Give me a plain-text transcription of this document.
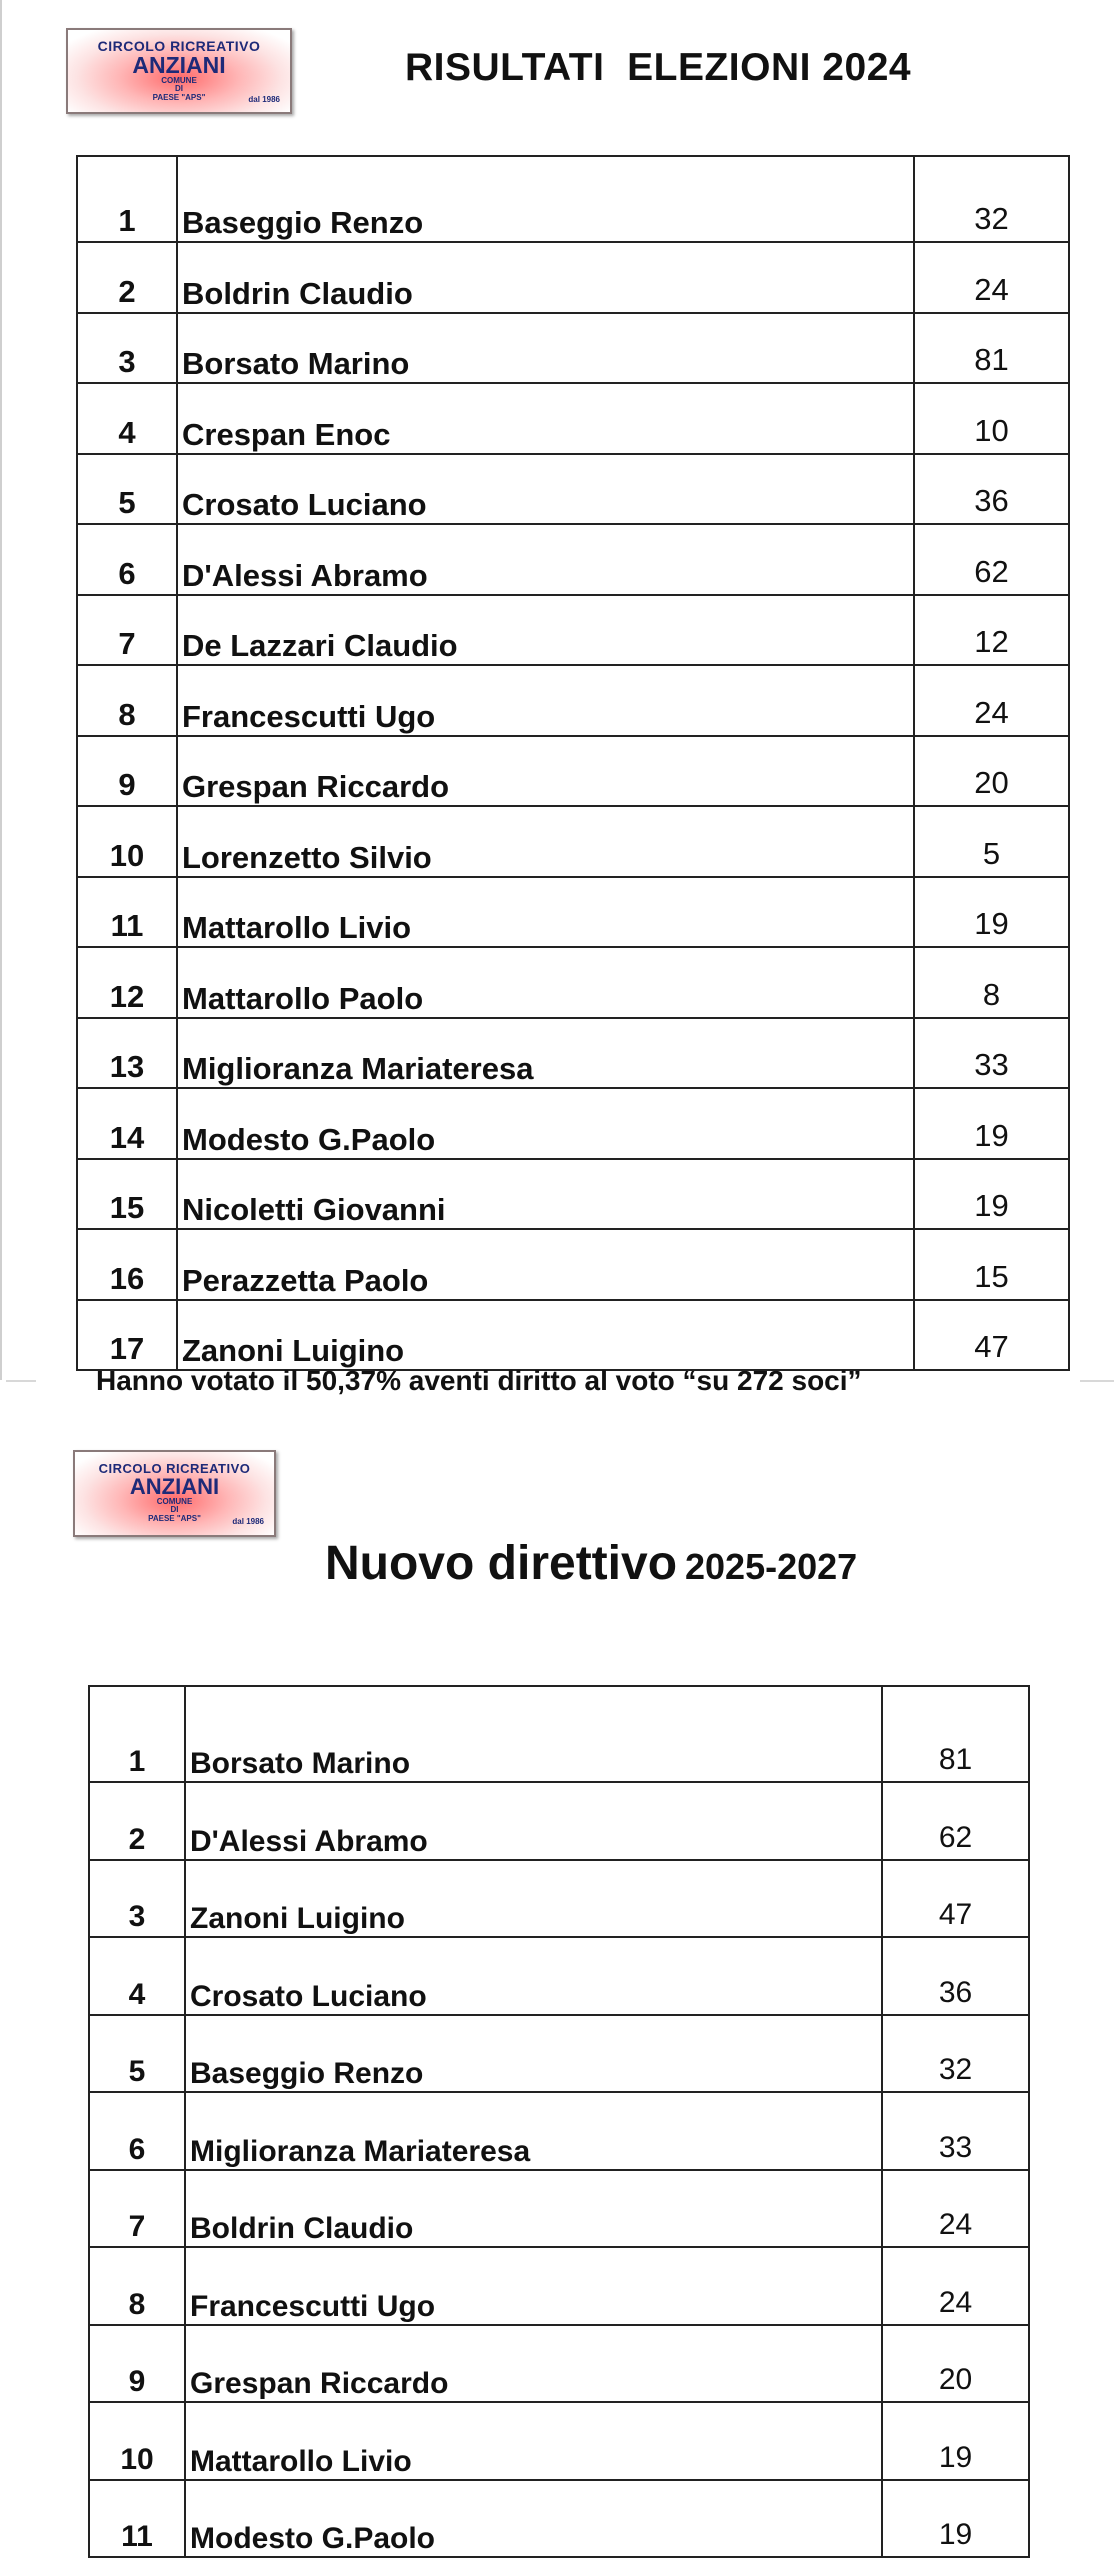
CIRCOLO RICREATIVO
ANZIANI
COMUNE
DI
PAESE "APS"	dal 1986
RISULTATI  ELEZIONI 2024
1	Baseggio Renzo	32
2	Boldrin Claudio	24
3	Borsato Marino	81
4	Crespan Enoc	10
5	Crosato Luciano	36
6	D'Alessi Abramo	62
7	De Lazzari Claudio	12
8	Francescutti Ugo	24
9	Grespan Riccardo	20
10	Lorenzetto Silvio	5
11	Mattarollo Livio	19
12	Mattarollo Paolo	8
13	Miglioranza Mariateresa	33
14	Modesto G.Paolo	19
15	Nicoletti Giovanni	19
16	Perazzetta Paolo	15
17	Zanoni Luigino	47
Hanno votato il 50,37% aventi diritto al voto “su 272 soci”
CIRCOLO RICREATIVO
ANZIANI
COMUNE
DI
PAESE "APS"	dal 1986
Nuovo direttivo 2025-2027
1	Borsato Marino	81
2	D'Alessi Abramo	62
3	Zanoni Luigino	47
4	Crosato Luciano	36
5	Baseggio Renzo	32
6	Miglioranza Mariateresa	33
7	Boldrin Claudio	24
8	Francescutti Ugo	24
9	Grespan Riccardo	20
10	Mattarollo Livio	19
11	Modesto G.Paolo	19
